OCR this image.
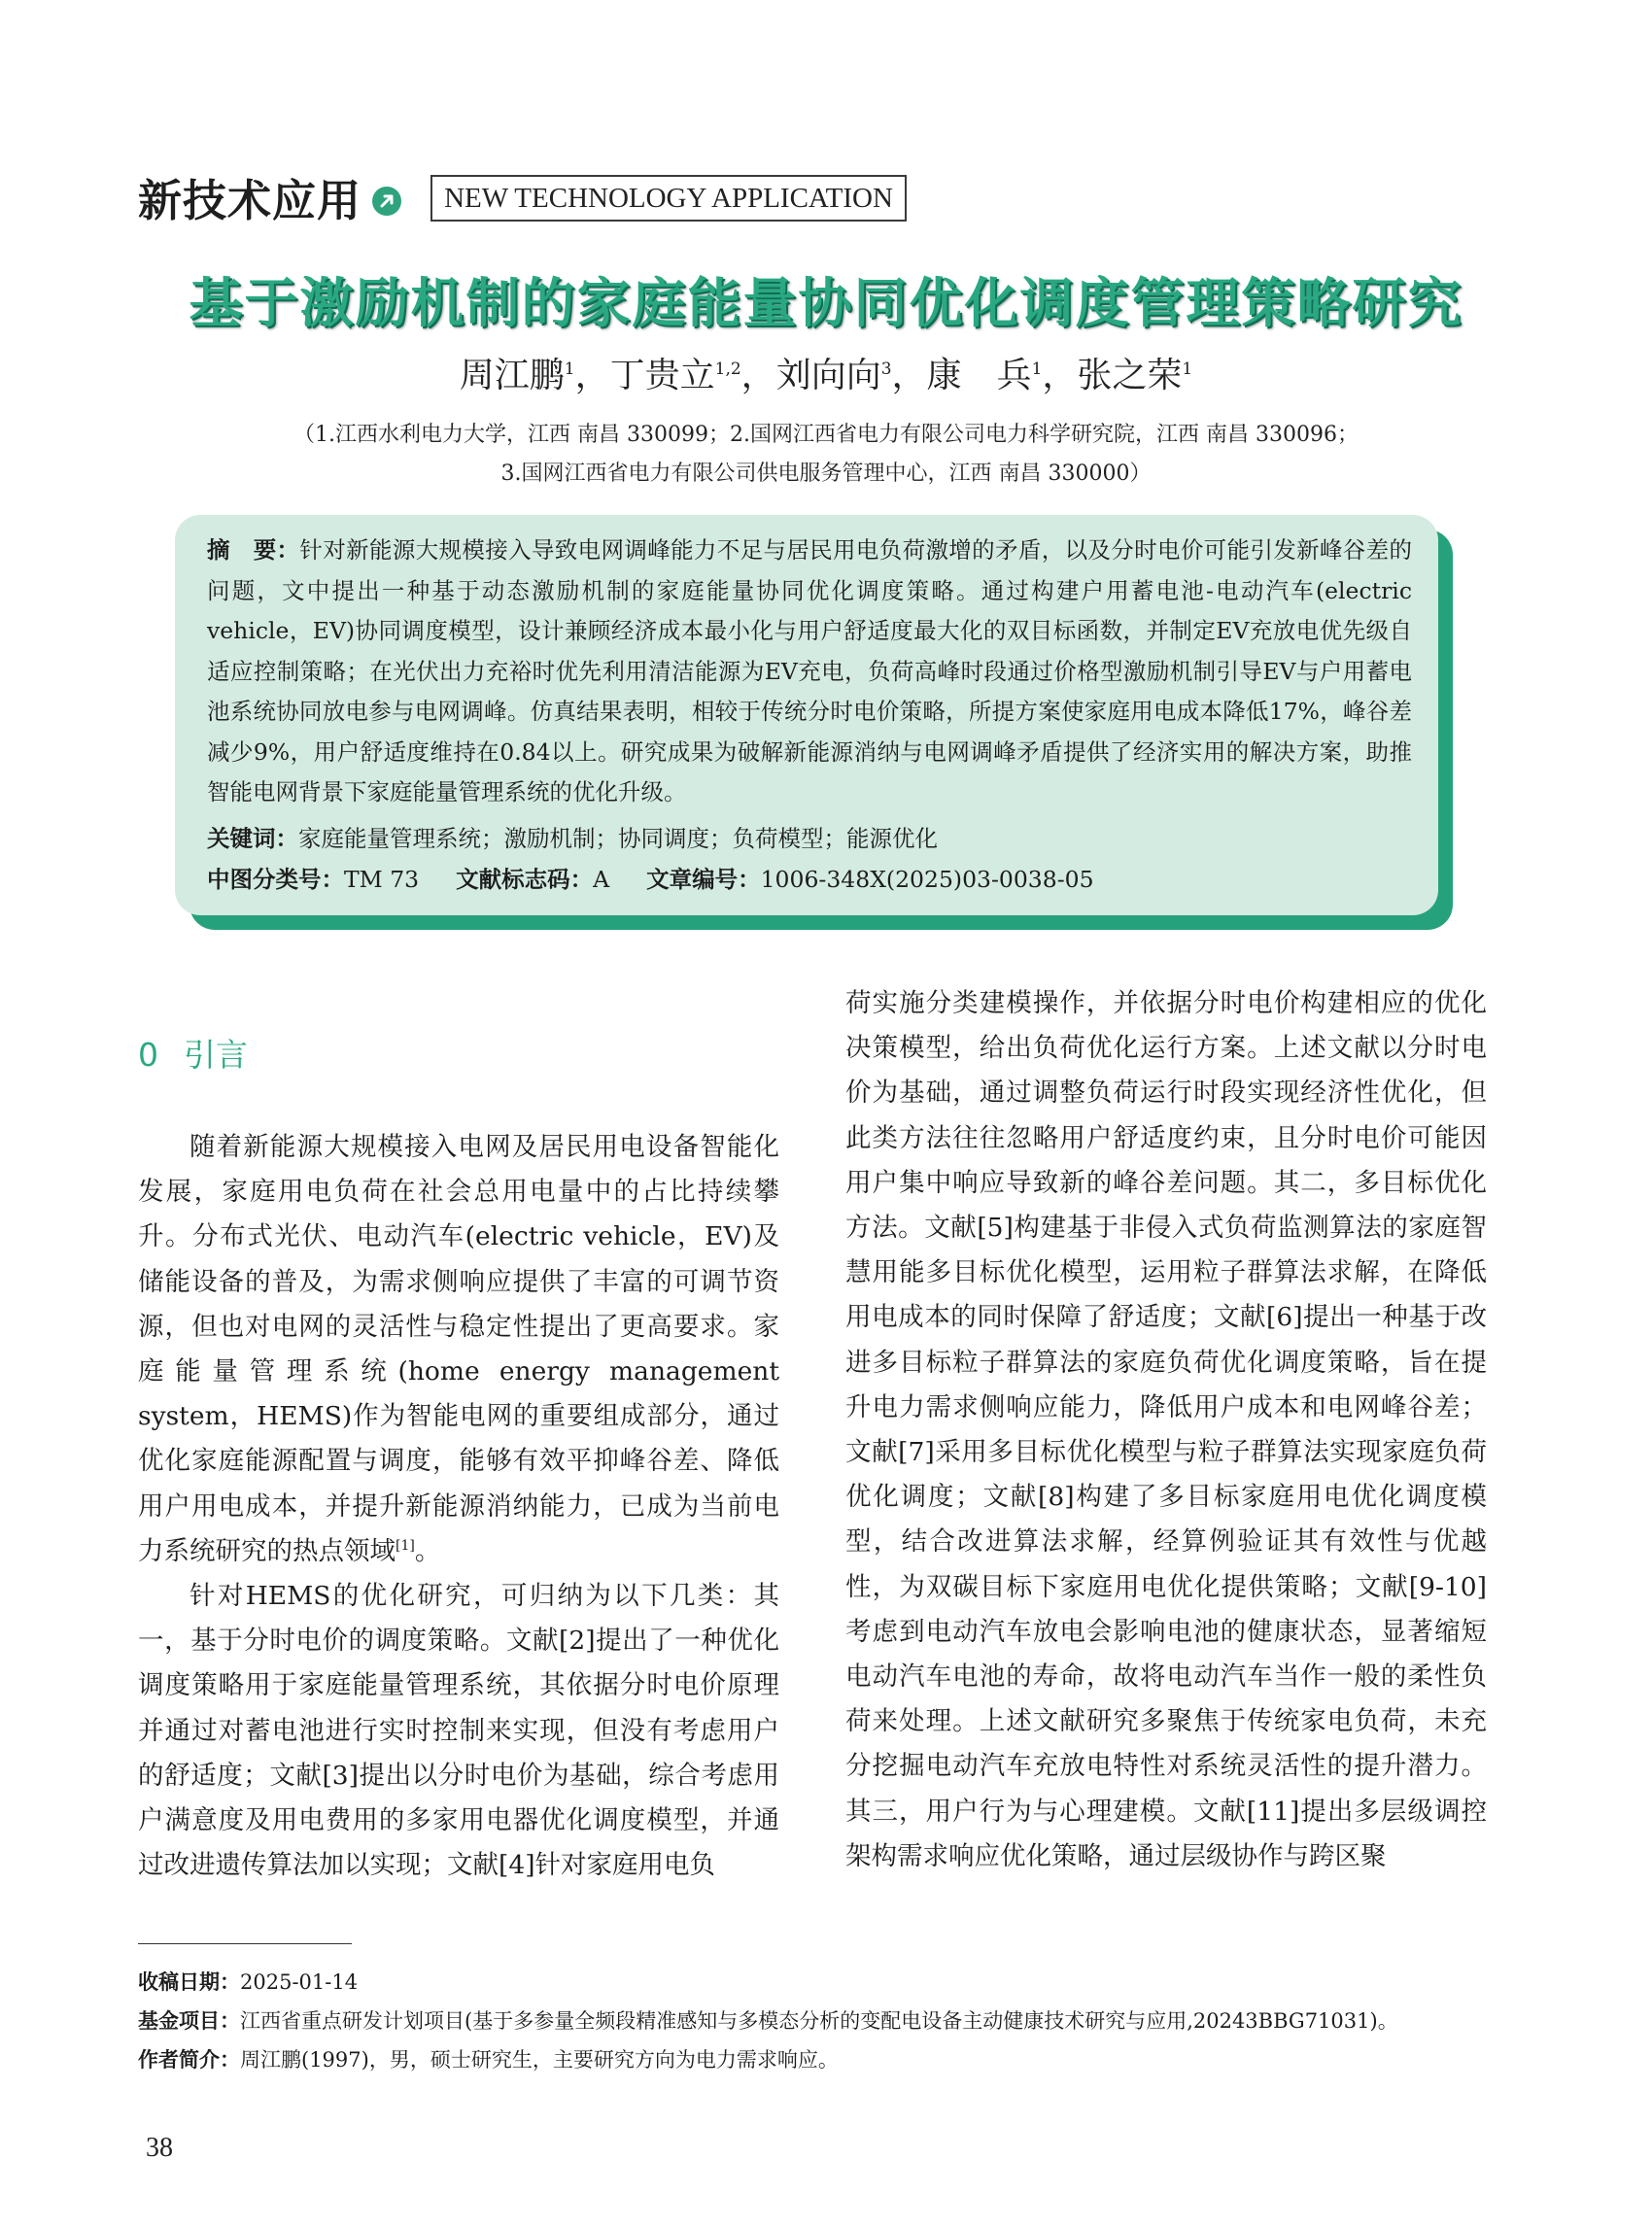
新技术应用	NEW TECHNOLOGY APPLICATION
基于激励机制的家庭能量协同优化调度管理策略研究
周江鹏$^1$，丁贵立$^{1,2}$，刘向向$^3$，康　兵$^1$，张之荣$^1$
（1.江西水利电力大学，江西 南昌 330099；2.国网江西省电力有限公司电力科学研究院，江西 南昌 330096；
3.国网江西省电力有限公司供电服务管理中心，江西 南昌 330000）
摘　要：针对新能源大规模接入导致电网调峰能力不足与居民用电负荷激增的矛盾，以及分时电价可能引发新峰谷差的问题，文中提出一种基于动态激励机制的家庭能量协同优化调度策略。通过构建户用蓄电池-电动汽车(electric vehicle，EV)协同调度模型，设计兼顾经济成本最小化与用户舒适度最大化的双目标函数，并制定EV充放电优先级自适应控制策略；在光伏出力充裕时优先利用清洁能源为EV充电，负荷高峰时段通过价格型激励机制引导EV与户用蓄电池系统协同放电参与电网调峰。仿真结果表明，相较于传统分时电价策略，所提方案使家庭用电成本降低17%，峰谷差减少9%，用户舒适度维持在0.84以上。研究成果为破解新能源消纳与电网调峰矛盾提供了经济实用的解决方案，助推智能电网背景下家庭能量管理系统的优化升级。
关键词：家庭能量管理系统；激励机制；协同调度；负荷模型；能源优化
中图分类号：TM 73 文献标志码：A 文章编号：1006-348X(2025)03-0038-05
0 引言

随着新能源大规模接入电网及居民用电设备智能化发展，家庭用电负荷在社会总用电量中的占比持续攀升。分布式光伏、电动汽车(electric vehicle，EV)及储能设备的普及，为需求侧响应提供了丰富的可调节资源，但也对电网的灵活性与稳定性提出了更高要求。家庭能量管理系统(home energy management system，HEMS)作为智能电网的重要组成部分，通过优化家庭能源配置与调度，能够有效平抑峰谷差、降低用户用电成本，并提升新能源消纳能力，已成为当前电力系统研究的热点领域[1]。

针对HEMS的优化研究，可归纳为以下几类：其一，基于分时电价的调度策略。文献[2]提出了一种优化调度策略用于家庭能量管理系统，其依据分时电价原理并通过对蓄电池进行实时控制来实现，但没有考虑用户的舒适度；文献[3]提出以分时电价为基础，综合考虑用户满意度及用电费用的多家用电器优化调度模型，并通过改进遗传算法加以实现；文献[4]针对家庭用电负

荷实施分类建模操作，并依据分时电价构建相应的优化决策模型，给出负荷优化运行方案。上述文献以分时电价为基础，通过调整负荷运行时段实现经济性优化，但此类方法往往忽略用户舒适度约束，且分时电价可能因用户集中响应导致新的峰谷差问题。其二，多目标优化方法。文献[5]构建基于非侵入式负荷监测算法的家庭智慧用能多目标优化模型，运用粒子群算法求解，在降低用电成本的同时保障了舒适度；文献[6]提出一种基于改进多目标粒子群算法的家庭负荷优化调度策略，旨在提升电力需求侧响应能力，降低用户成本和电网峰谷差；文献[7]采用多目标优化模型与粒子群算法实现家庭负荷优化调度；文献[8]构建了多目标家庭用电优化调度模型，结合改进算法求解，经算例验证其有效性与优越性，为双碳目标下家庭用电优化提供策略；文献[9-10]考虑到电动汽车放电会影响电池的健康状态，显著缩短电动汽车电池的寿命，故将电动汽车当作一般的柔性负荷来处理。上述文献研究多聚焦于传统家电负荷，未充分挖掘电动汽车充放电特性对系统灵活性的提升潜力。其三，用户行为与心理建模。文献[11]提出多层级调控架构需求响应优化策略，通过层级协作与跨区聚

收稿日期：2025-01-14
基金项目：江西省重点研发计划项目(基于多参量全频段精准感知与多模态分析的变配电设备主动健康技术研究与应用,20243BBG71031)。
作者简介：周江鹏(1997)，男，硕士研究生，主要研究方向为电力需求响应。
38
